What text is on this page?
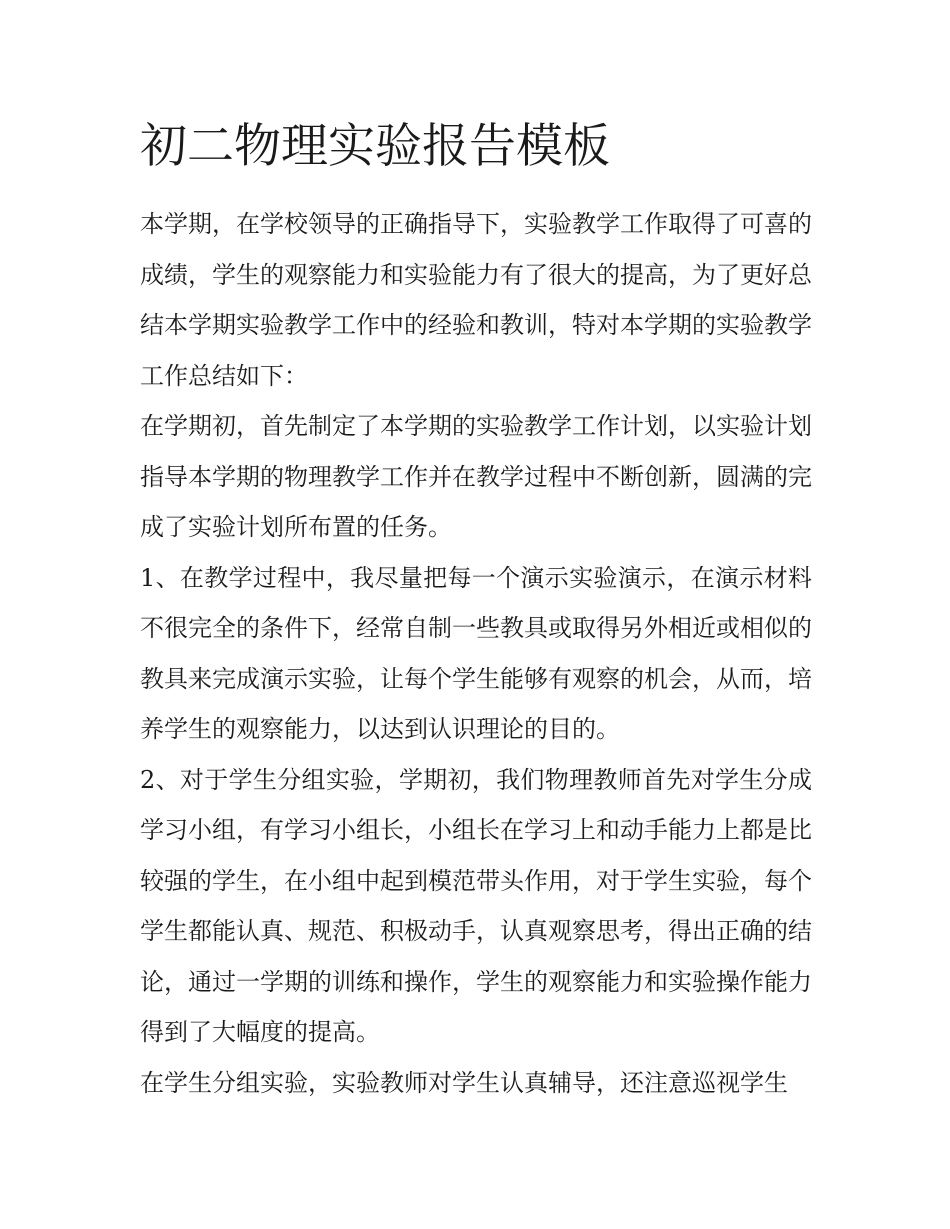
初二物理实验报告模板

本学期，在学校领导的正确指导下，实验教学工作取得了可喜的成绩，学生的观察能力和实验能力有了很大的提高，为了更好总结本学期实验教学工作中的经验和教训，特对本学期的实验教学工作总结如下：

在学期初，首先制定了本学期的实验教学工作计划，以实验计划指导本学期的物理教学工作并在教学过程中不断创新，圆满的完成了实验计划所布置的任务。

1、在教学过程中，我尽量把每一个演示实验演示，在演示材料不很完全的条件下，经常自制一些教具或取得另外相近或相似的教具来完成演示实验，让每个学生能够有观察的机会，从而，培养学生的观察能力，以达到认识理论的目的。

2、对于学生分组实验，学期初，我们物理教师首先对学生分成学习小组，有学习小组长，小组长在学习上和动手能力上都是比较强的学生，在小组中起到模范带头作用，对于学生实验，每个学生都能认真、规范、积极动手，认真观察思考，得出正确的结论，通过一学期的训练和操作，学生的观察能力和实验操作能力得到了大幅度的提高。

在学生分组实验，实验教师对学生认真辅导，还注意巡视学生
